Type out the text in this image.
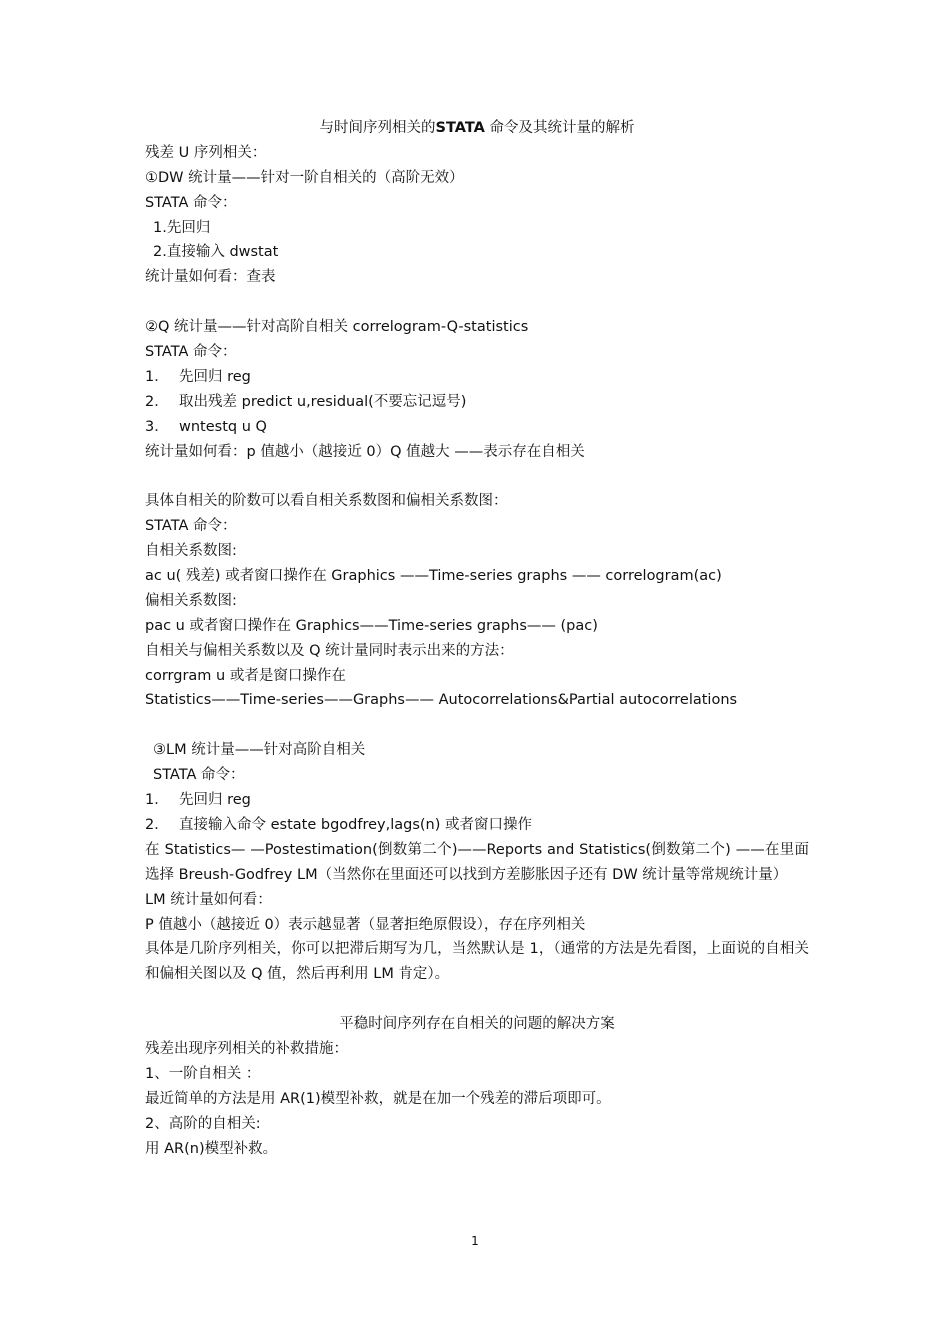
与时间序列相关的STATA 命令及其统计量的解析
残差 U 序列相关：
①DW 统计量——针对一阶自相关的（高阶无效）
STATA 命令：
1.先回归
2.直接输入 dwstat
统计量如何看：查表
②Q 统计量——针对高阶自相关 correlogram-Q-statistics
STATA 命令：
1． 先回归 reg
2． 取出残差 predict u,residual(不要忘记逗号)
3． wntestq u Q
统计量如何看：p 值越小（越接近 0）Q 值越大 ——表示存在自相关
具体自相关的阶数可以看自相关系数图和偏相关系数图：
STATA 命令：
自相关系数图:
ac u( 残差) 或者窗口操作在 Graphics ——Time-series graphs —— correlogram(ac)
偏相关系数图:
pac u 或者窗口操作在 Graphics——Time-series graphs—— (pac)
自相关与偏相关系数以及 Q 统计量同时表示出来的方法：
corrgram u 或者是窗口操作在
Statistics——Time-series——Graphs—— Autocorrelations&Partial autocorrelations
③LM 统计量——针对高阶自相关
STATA 命令：
1． 先回归 reg
2． 直接输入命令 estate bgodfrey,lags(n) 或者窗口操作
在 Statistics— —Postestimation(倒数第二个)——Reports and Statistics(倒数第二个) ——在里面选择 Breush-Godfrey LM（当然你在里面还可以找到方差膨胀因子还有 DW 统计量等常规统计量）
LM 统计量如何看：
P 值越小（越接近 0）表示越显著（显著拒绝原假设），存在序列相关
具体是几阶序列相关，你可以把滞后期写为几，当然默认是 1，（通常的方法是先看图，上面说的自相关和偏相关图以及 Q 值，然后再利用 LM 肯定）。
平稳时间序列存在自相关的问题的解决方案
残差出现序列相关的补救措施：
1、一阶自相关 ：
最近简单的方法是用 AR(1)模型补救，就是在加一个残差的滞后项即可。
2、高阶的自相关:
用 AR(n)模型补救。
1
